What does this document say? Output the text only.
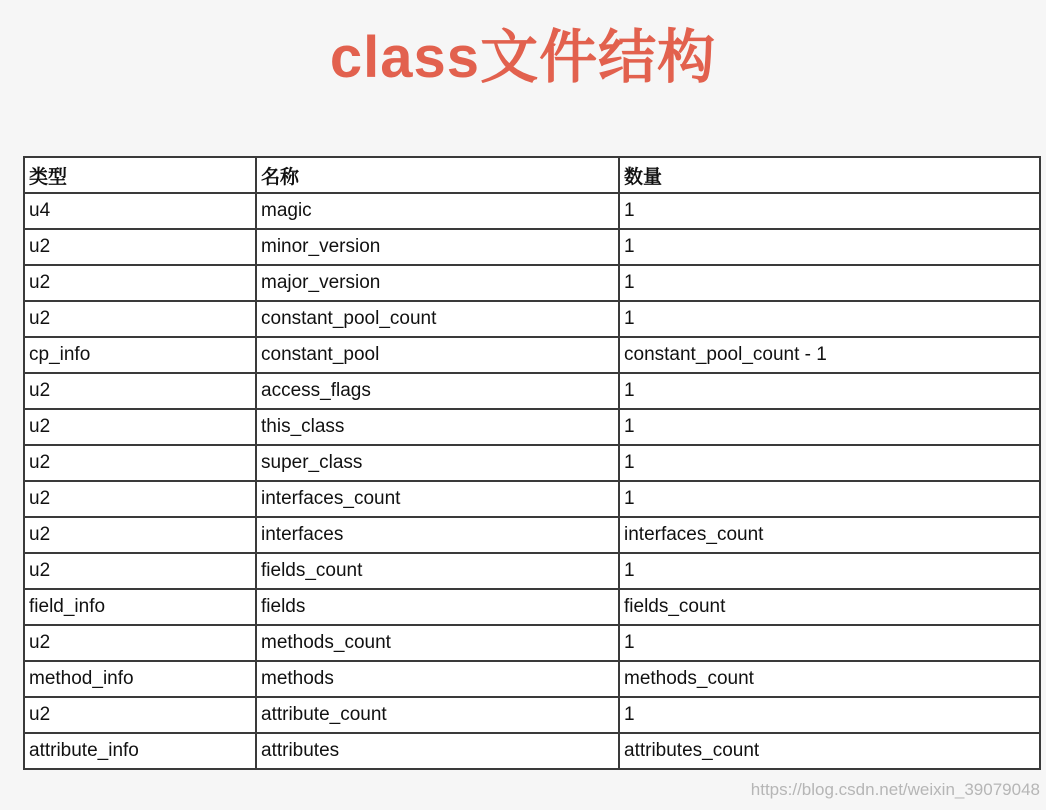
class文件结构
类型	名称	数量
u4	magic	1
u2	minor_version	1
u2	major_version	1
u2	constant_pool_count	1
cp_info	constant_pool	constant_pool_count - 1
u2	access_flags	1
u2	this_class	1
u2	super_class	1
u2	interfaces_count	1
u2	interfaces	interfaces_count
u2	fields_count	1
field_info	fields	fields_count
u2	methods_count	1
method_info	methods	methods_count
u2	attribute_count	1
attribute_info	attributes	attributes_count
https://blog.csdn.net/weixin_39079048
